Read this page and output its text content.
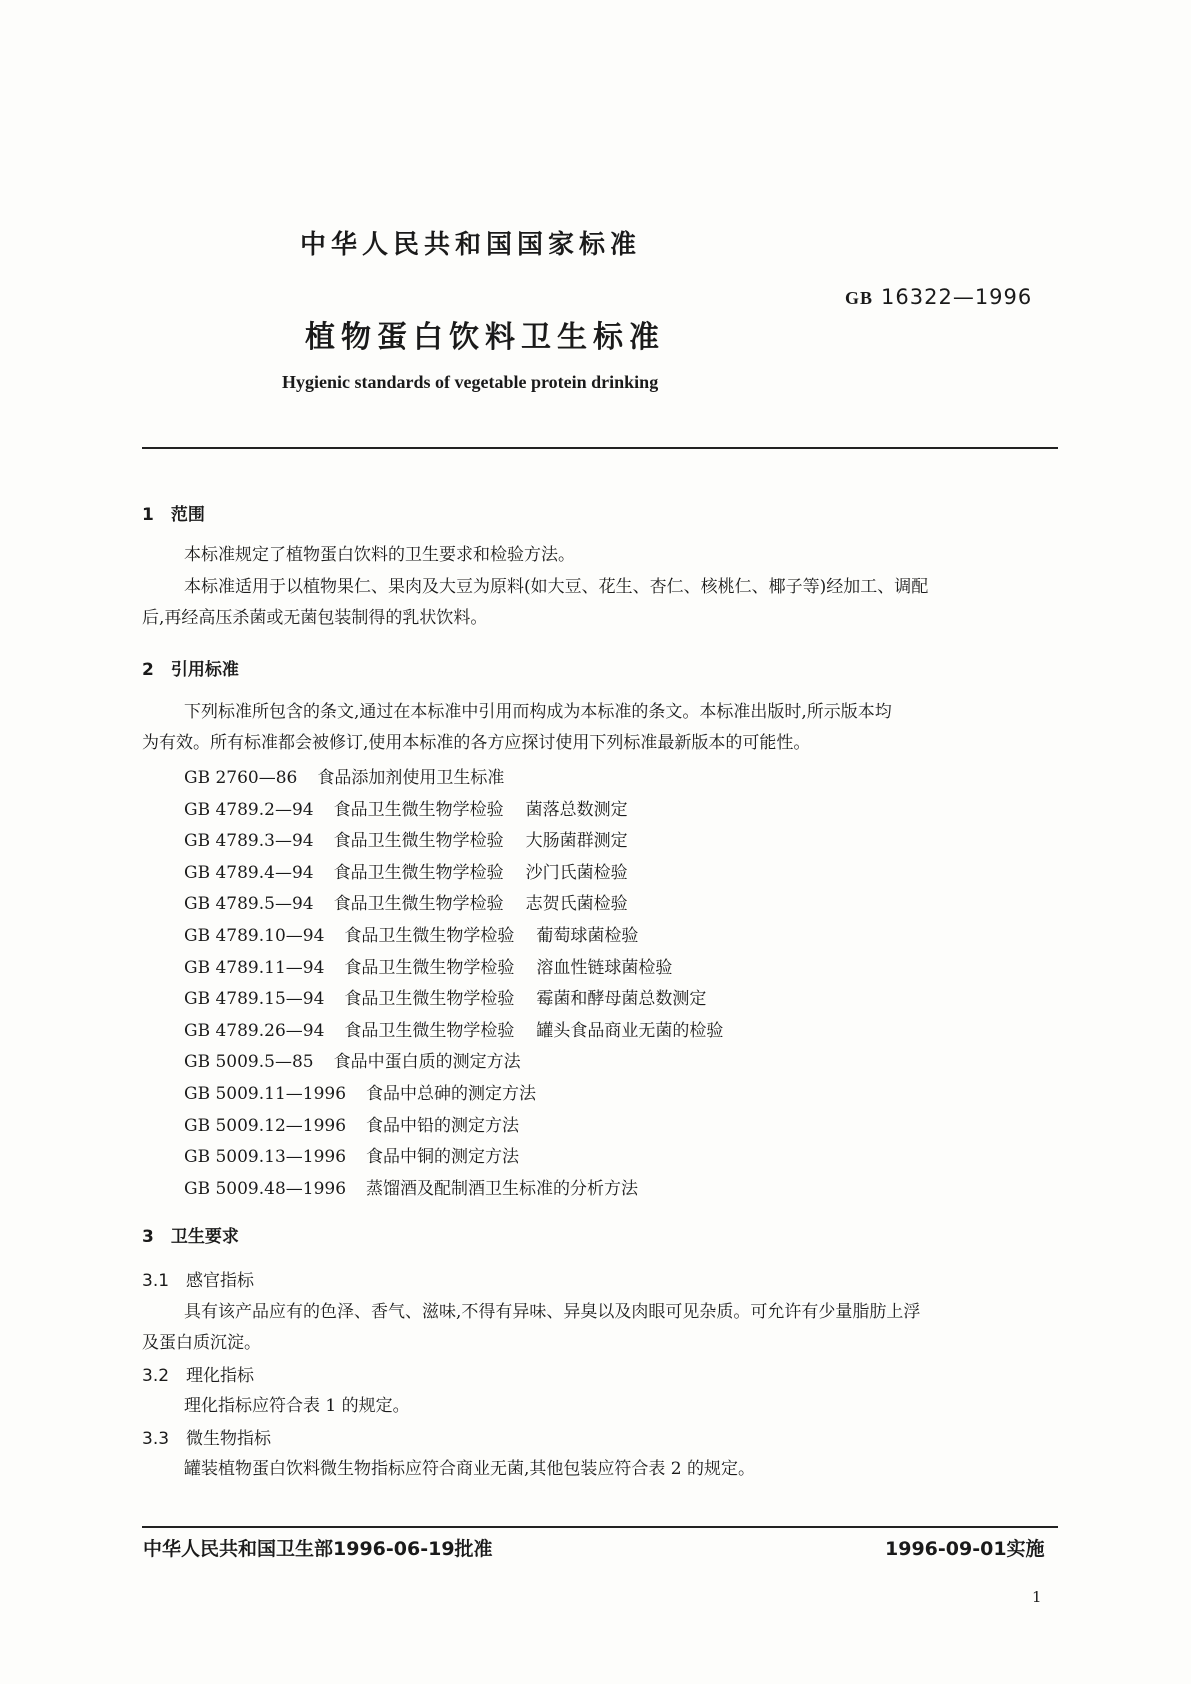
中华人民共和国国家标准
GB 16322—1996
植物蛋白饮料卫生标准
Hygienic standards of vegetable protein drinking
1　范围
本标准规定了植物蛋白饮料的卫生要求和检验方法。
本标准适用于以植物果仁、果肉及大豆为原料(如大豆、花生、杏仁、核桃仁、椰子等)经加工、调配
后,再经高压杀菌或无菌包装制得的乳状饮料。
2　引用标准
下列标准所包含的条文,通过在本标准中引用而构成为本标准的条文。本标准出版时,所示版本均
为有效。所有标准都会被修订,使用本标准的各方应探讨使用下列标准最新版本的可能性。
GB 2760—86 食品添加剂使用卫生标准
GB 4789.2—94 食品卫生微生物学检验 菌落总数测定
GB 4789.3—94 食品卫生微生物学检验 大肠菌群测定
GB 4789.4—94 食品卫生微生物学检验 沙门氏菌检验
GB 4789.5—94 食品卫生微生物学检验 志贺氏菌检验
GB 4789.10—94 食品卫生微生物学检验 葡萄球菌检验
GB 4789.11—94 食品卫生微生物学检验 溶血性链球菌检验
GB 4789.15—94 食品卫生微生物学检验 霉菌和酵母菌总数测定
GB 4789.26—94 食品卫生微生物学检验 罐头食品商业无菌的检验
GB 5009.5—85 食品中蛋白质的测定方法
GB 5009.11—1996 食品中总砷的测定方法
GB 5009.12—1996 食品中铅的测定方法
GB 5009.13—1996 食品中铜的测定方法
GB 5009.48—1996 蒸馏酒及配制酒卫生标准的分析方法
3　卫生要求
3.1　感官指标
具有该产品应有的色泽、香气、滋味,不得有异味、异臭以及肉眼可见杂质。可允许有少量脂肪上浮
及蛋白质沉淀。
3.2　理化指标
理化指标应符合表 1 的规定。
3.3　微生物指标
罐装植物蛋白饮料微生物指标应符合商业无菌,其他包装应符合表 2 的规定。
中华人民共和国卫生部1996-06-19批准	1996-09-01实施
1
